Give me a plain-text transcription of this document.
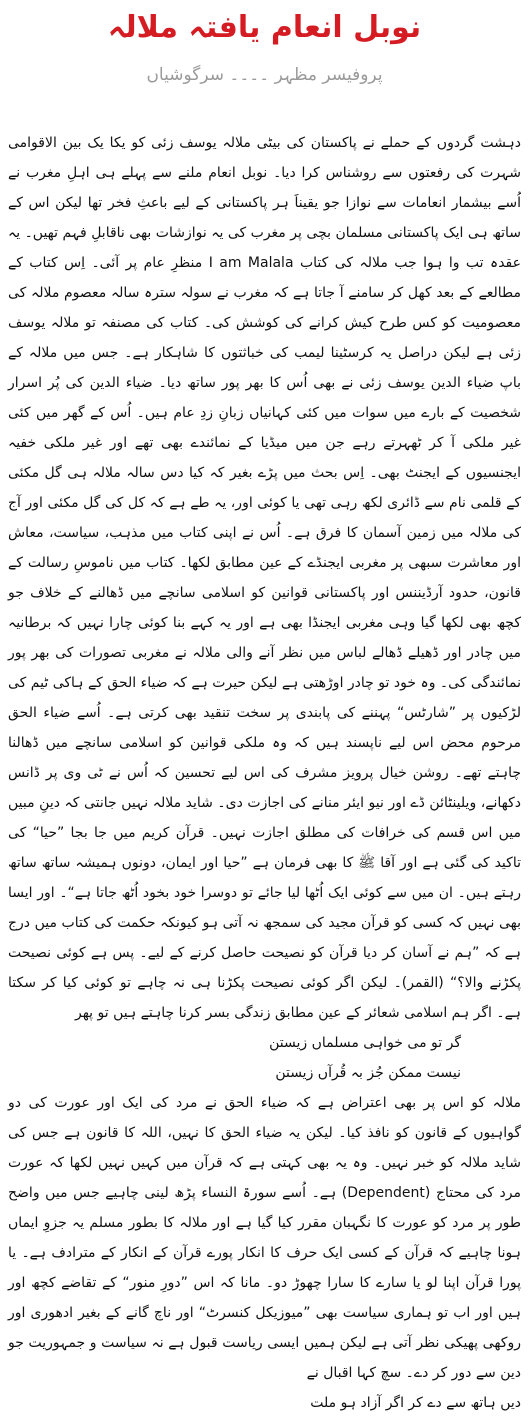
نوبل انعام یافتہ ملالہ
پروفیسر مظہر ۔۔۔۔ سرگوشیاں

دہشت گردوں کے حملے نے پاکستان کی بیٹی ملالہ یوسف زئی کو یکا یک بین الاقوامی شہرت کی رفعتوں سے روشناس کرا دیا۔ نوبل انعام ملنے سے پہلے ہی اہلِ مغرب نے اُسے بیشمار انعامات سے نوازا جو یقیناََ ہر پاکستانی کے لیے باعثِ فخر تھا لیکن اس کے ساتھ ہی ایک پاکستانی مسلمان بچی پر مغرب کی یہ نوازشات بھی ناقابلِ فہم تھیں۔ یہ عقدہ تب وا ہوا جب ملالہ کی کتاب I am Malala منظرِ عام پر آئی۔ اِس کتاب کے مطالعے کے بعد کھل کر سامنے آ جاتا ہے کہ مغرب نے سولہ سترہ سالہ معصوم ملالہ کی معصومیت کو کس طرح کیش کرانے کی کوشش کی۔ کتاب کی مصنفہ تو ملالہ یوسف زئی ہے لیکن دراصل یہ کرسٹینا لیمب کی خباثتوں کا شاہکار ہے۔ جس میں ملالہ کے باپ ضیاء الدین یوسف زئی نے بھی اُس کا بھر پور ساتھ دیا۔ ضیاء الدین کی پُر اسرار شخصیت کے بارے میں سوات میں کئی کہانیاں زبانِ زدِ عام ہیں۔ اُس کے گھر میں کئی غیر ملکی آ کر ٹھہرتے رہے جن میں میڈیا کے نمائندے بھی تھے اور غیر ملکی خفیہ ایجنسیوں کے ایجنٹ بھی۔ اِس بحث میں پڑے بغیر کہ کیا دس سالہ ملالہ ہی گل مکئی کے قلمی نام سے ڈائری لکھ رہی تھی یا کوئی اور، یہ طے ہے کہ کل کی گل مکئی اور آج کی ملالہ میں زمین آسمان کا فرق ہے۔ اُس نے اپنی کتاب میں مذہب، سیاست، معاش اور معاشرت سبھی پر مغربی ایجنڈے کے عین مطابق لکھا۔ کتاب میں ناموسِ رسالت کے قانون، حدود آرڈیننس اور پاکستانی قوانین کو اسلامی سانچے میں ڈھالنے کے خلاف جو کچھ بھی لکھا گیا وہی مغربی ایجنڈا بھی ہے اور یہ کہے بنا کوئی چارا نہیں کہ برطانیہ میں چادر اور ڈھیلے ڈھالے لباس میں نظر آنے والی ملالہ نے مغربی تصورات کی بھر پور نمائندگی کی۔ وہ خود تو چادر اوڑھتی ہے لیکن حیرت ہے کہ ضیاء الحق کے ہاکی ٹیم کی لڑکیوں پر ”شارٹس“ پہننے کی پابندی پر سخت تنقید بھی کرتی ہے۔ اُسے ضیاء الحق مرحوم محض اس لیے ناپسند ہیں کہ وہ ملکی قوانین کو اسلامی سانچے میں ڈھالنا چاہتے تھے۔ روشن خیال پرویز مشرف کی اس لیے تحسین کہ اُس نے ٹی وی پر ڈانس دکھانے، ویلینٹائن ڈے اور نیو ایئر منانے کی اجازت دی۔ شاید ملالہ نہیں جانتی کہ دینِ مبیں میں اس قسم کی خرافات کی مطلق اجازت نہیں۔ قرآن کریم میں جا بجا ”حیا“ کی تاکید کی گئی ہے اور آقا ﷺ کا بھی فرمان ہے ”حیا اور ایمان، دونوں ہمیشہ ساتھ ساتھ رہتے ہیں۔ ان میں سے کوئی ایک اُٹھا لیا جائے تو دوسرا خود بخود اُٹھ جاتا ہے“۔ اور ایسا بھی نہیں کہ کسی کو قرآن مجید کی سمجھ نہ آتی ہو کیونکہ حکمت کی کتاب میں درج ہے کہ ”ہم نے آسان کر دیا قرآن کو نصیحت حاصل کرنے کے لیے۔ پس ہے کوئی نصیحت پکڑنے والا؟“ (القمر)۔ لیکن اگر کوئی نصیحت پکڑنا ہی نہ چاہے تو کوئی کیا کر سکتا ہے۔ اگر ہم اسلامی شعائر کے عین مطابق زندگی بسر کرنا چاہتے ہیں تو پھر

گر تو می خواہی مسلماں زیستن
نیست ممکن جُز بہ قُرآں زیستن

ملالہ کو اس پر بھی اعتراض ہے کہ ضیاء الحق نے مرد کی ایک اور عورت کی دو گواہیوں کے قانون کو نافذ کیا۔ لیکن یہ ضیاء الحق کا نہیں، اللہ کا قانون ہے جس کی شاید ملالہ کو خبر نہیں۔ وہ یہ بھی کہتی ہے کہ قرآن میں کہیں نہیں لکھا کہ عورت مرد کی محتاج (Dependent) ہے۔ اُسے سورۃ النساء پڑھ لینی چاہیے جس میں واضح طور پر مرد کو عورت کا نگہبان مقرر کیا گیا ہے اور ملالہ کا بطور مسلم یہ جزوِ ایماں ہونا چاہیے کہ قرآن کے کسی ایک حرف کا انکار پورے قرآن کے انکار کے مترادف ہے۔ یا پورا قرآن اپنا لو یا سارے کا سارا چھوڑ دو۔ مانا کہ اس ”دورِ منور“ کے تقاضے کچھ اور ہیں اور اب تو ہماری سیاست بھی ”میوزیکل کنسرٹ“ اور ناچ گانے کے بغیر ادھوری اور روکھی پھیکی نظر آتی ہے لیکن ہمیں ایسی ریاست قبول ہے نہ سیاست و جمہوریت جو دین سے دور کر دے۔ سچ کہا اقبال نے

دیں ہاتھ سے دے کر اگر آزاد ہو ملت
